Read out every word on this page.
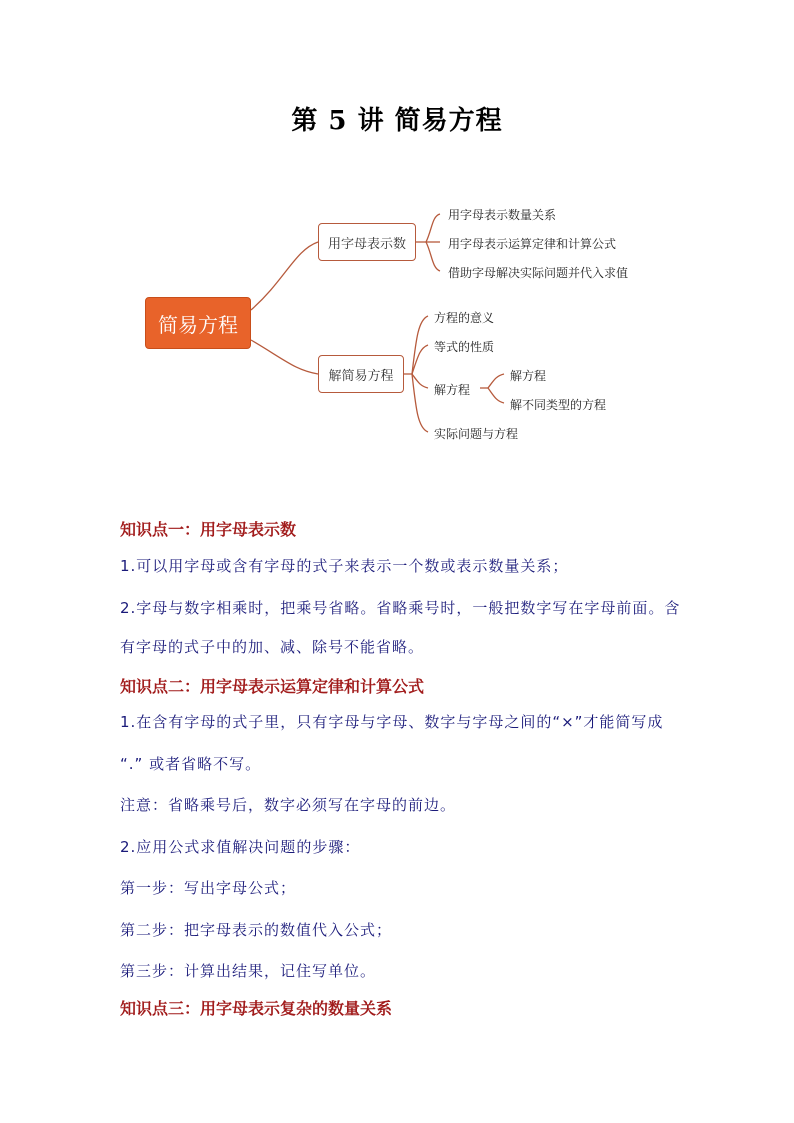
第 5 讲 简易方程
简易方程
用字母表示数
解简易方程
用字母表示数量关系
用字母表示运算定律和计算公式
借助字母解决实际问题并代入求值
方程的意义
等式的性质
解方程
实际问题与方程
解方程
解不同类型的方程
知识点一：用字母表示数
1.可以用字母或含有字母的式子来表示一个数或表示数量关系；
2.字母与数字相乘时，把乘号省略。省略乘号时，一般把数字写在字母前面。含
有字母的式子中的加、减、除号不能省略。
知识点二：用字母表示运算定律和计算公式
1.在含有字母的式子里，只有字母与字母、数字与字母之间的“×”才能简写成
“.” 或者省略不写。
注意：省略乘号后，数字必须写在字母的前边。
2.应用公式求值解决问题的步骤：
第一步：写出字母公式；
第二步：把字母表示的数值代入公式；
第三步：计算出结果，记住写单位。
知识点三：用字母表示复杂的数量关系
